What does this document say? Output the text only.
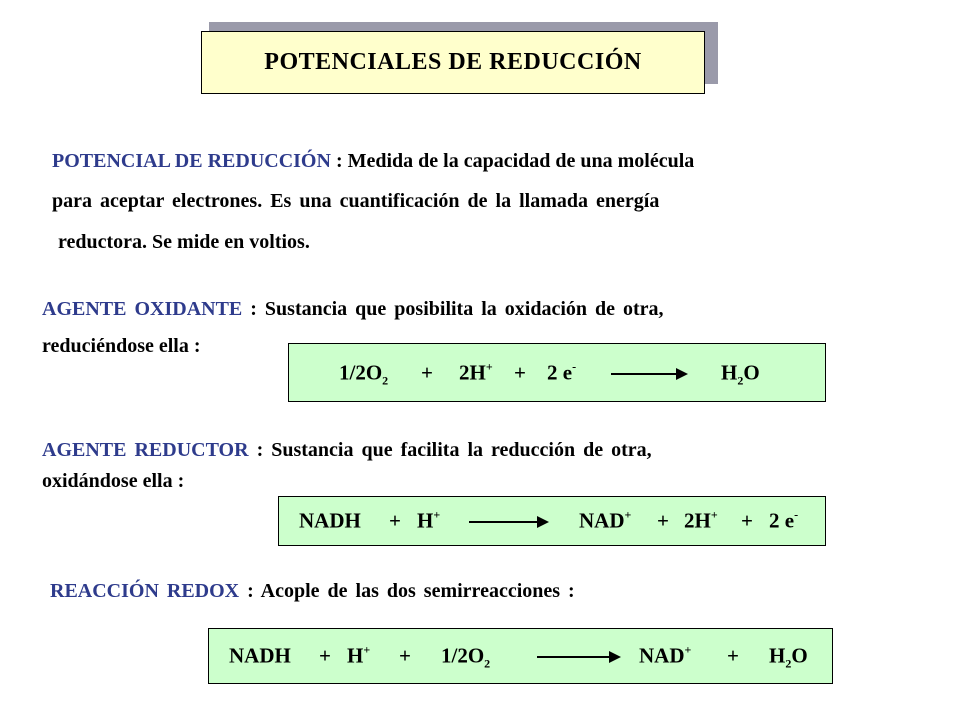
POTENCIALES DE REDUCCIÓN
POTENCIAL DE REDUCCIÓN : Medida de la capacidad de una molécula
para aceptar electrones. Es una cuantificación de la llamada energía
reductora. Se mide en voltios.
AGENTE OXIDANTE : Sustancia que posibilita la oxidación de otra,
reduciéndose ella :
$1/2O_2 + 2H^+ + 2$ e-	$H_2O$
AGENTE REDUCTOR : Sustancia que facilita la reducción de otra,
oxidándose ella :
NADH + H+	NAD+ + 2H+ + 2 e-
REACCIÓN REDOX : Acople de las dos semirreacciones :
NADH + $H^+ + 1/2O_2$	$NAD^+ + H_2O$
